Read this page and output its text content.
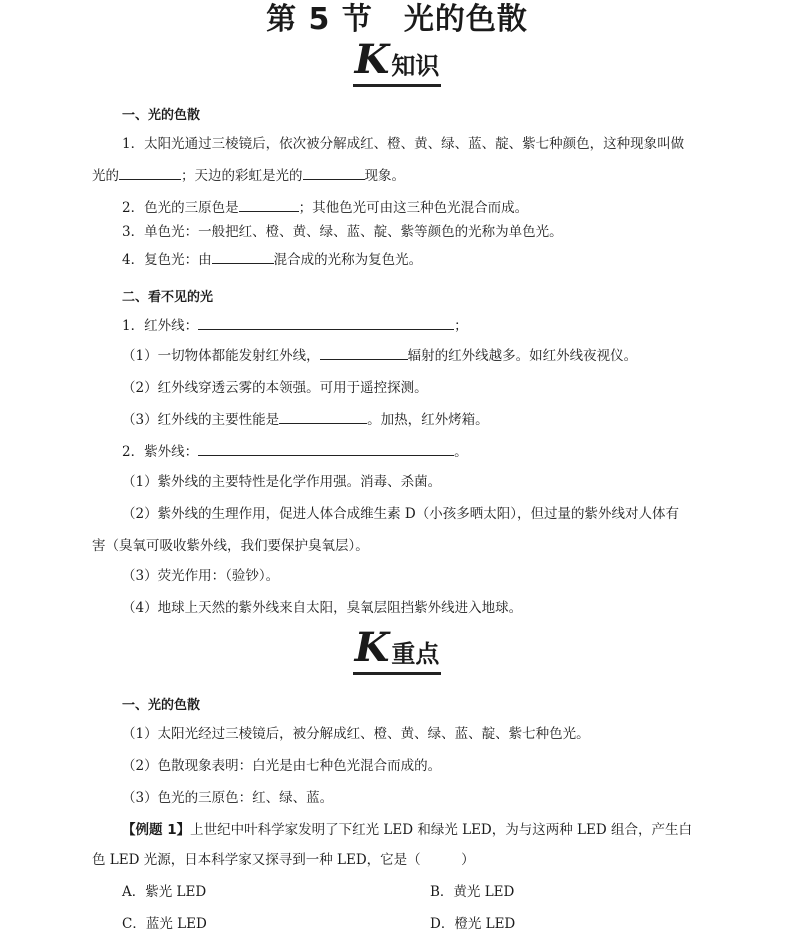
第 5 节　光的色散
K知识
一、光的色散
1．太阳光通过三棱镜后，依次被分解成红、橙、黄、绿、蓝、靛、紫七种颜色，这种现象叫做
光的	；天边的彩虹是光的	现象。
2．色光的三原色是	；其他色光可由这三种色光混合而成。
3．单色光：一般把红、橙、黄、绿、蓝、靛、紫等颜色的光称为单色光。
4．复色光：由	混合成的光称为复色光。
二、看不见的光
1．红外线：	；
（1）一切物体都能发射红外线，	辐射的红外线越多。如红外线夜视仪。
（2）红外线穿透云雾的本领强。可用于遥控探测。
（3）红外线的主要性能是	。加热，红外烤箱。
2．紫外线：	。
（1）紫外线的主要特性是化学作用强。消毒、杀菌。
（2）紫外线的生理作用，促进人体合成维生素 D（小孩多晒太阳），但过量的紫外线对人体有
害（臭氧可吸收紫外线，我们要保护臭氧层）。
（3）荧光作用：（验钞）。
（4）地球上天然的紫外线来自太阳，臭氧层阻挡紫外线进入地球。
K重点
一、光的色散
（1）太阳光经过三棱镜后，被分解成红、橙、黄、绿、蓝、靛、紫七种色光。
（2）色散现象表明：白光是由七种色光混合而成的。
（3）色光的三原色：红、绿、蓝。
【例题 1】上世纪中叶科学家发明了下红光 LED 和绿光 LED，为与这两种 LED 组合，产生白
色 LED 光源，日本科学家又探寻到一种 LED，它是（　　　）
A．紫光 LED	B．黄光 LED
C．蓝光 LED	D．橙光 LED
